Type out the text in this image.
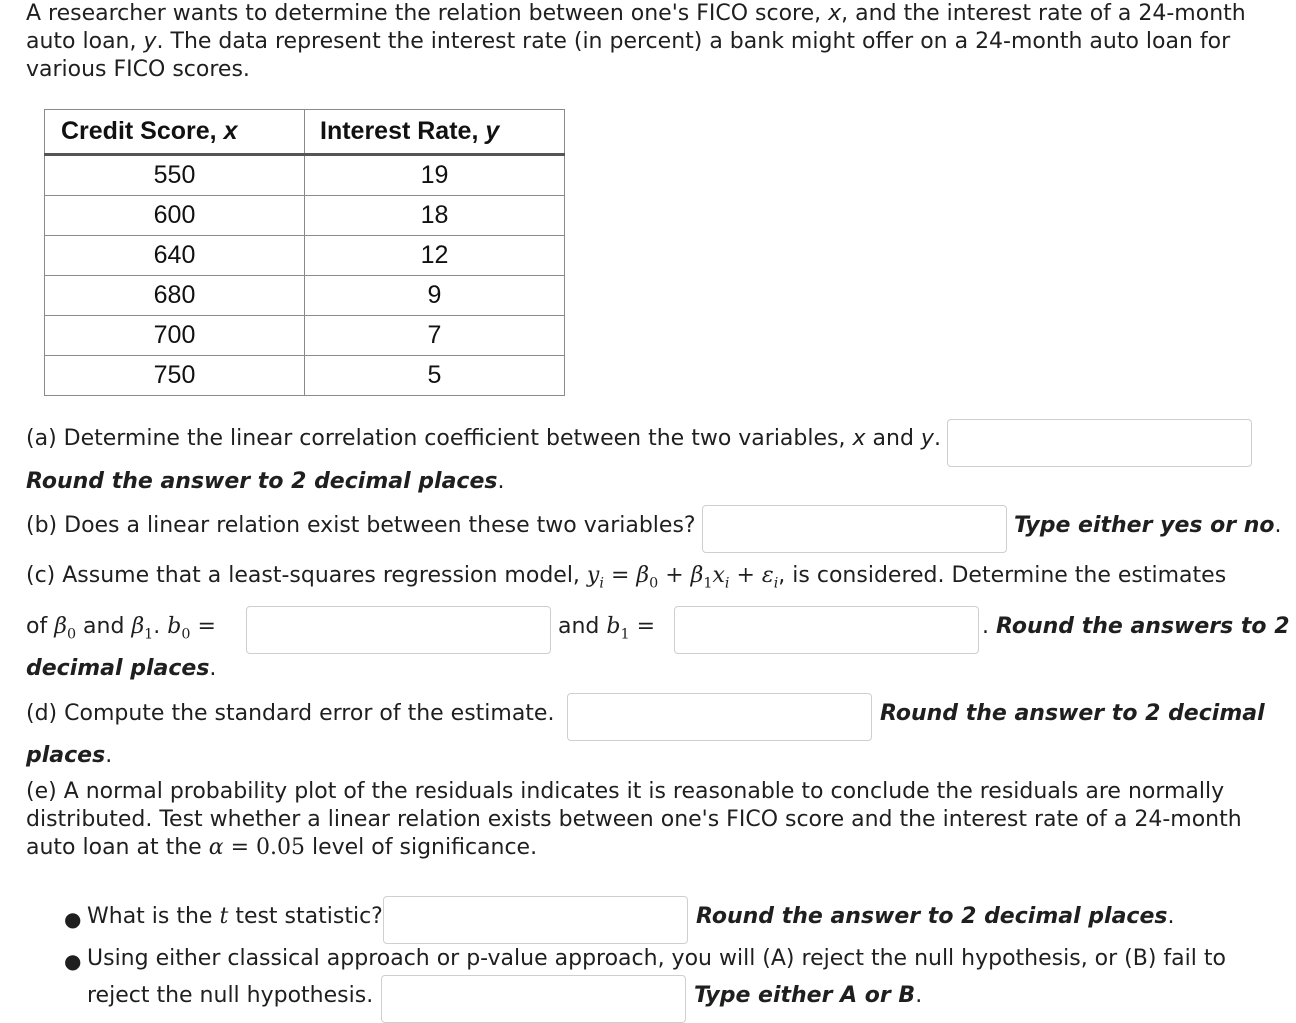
A researcher wants to determine the relation between one's FICO score, x, and the interest rate of a 24-month auto loan, y. The data represent the interest rate (in percent) a bank might offer on a 24-month auto loan for various FICO scores.
Credit Score, x	Interest Rate, y
550	19
600	18
640	12
680	9
700	7
750	5
(a) Determine the linear correlation coefficient between the two variables, x and y.
Round the answer to 2 decimal places.
(b) Does a linear relation exist between these two variables?	Type either yes or no.
(c) Assume that a least-squares regression model, $y_i = \beta_0 + \beta_1x_i + \varepsilon_i$, is considered. Determine the estimates
of $\beta_0$ and $\beta_1$. $b_0$ =	and $b_1$ =	. Round the answers to 2
decimal places.
(d) Compute the standard error of the estimate.	Round the answer to 2 decimal
places.
(e) A normal probability plot of the residuals indicates it is reasonable to conclude the residuals are normally distributed. Test whether a linear relation exists between one's FICO score and the interest rate of a 24-month auto loan at the α = 0.05 level of significance.
● What is the t test statistic?	Round the answer to 2 decimal places.
● Using either classical approach or p-value approach, you will (A) reject the null hypothesis, or (B) fail to
reject the null hypothesis.	Type either A or B.
